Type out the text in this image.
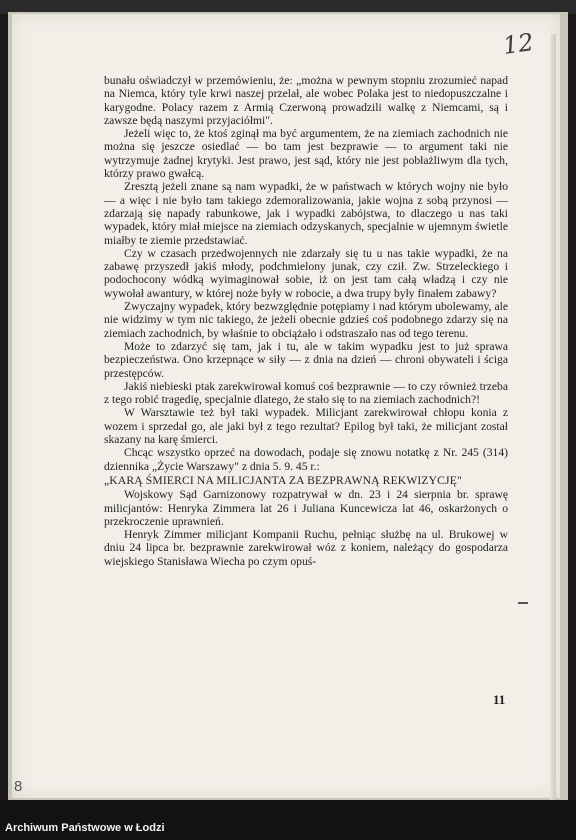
12

bunału oświadczył w przemówieniu, że: „można w pewnym stopniu zrozumieć napad na Niemca, który tyle krwi naszej przelał, ale wobec Polaka jest to niedopuszczalne i karygodne. Polacy razem z Armią Czerwoną prowadzili walkę z Niemcami, są i zawsze będą naszymi przyjaciółmi".

Jeżeli więc to, że ktoś zginął ma być argumentem, że na ziemiach zachodnich nie można się jeszcze osiedlać — bo tam jest bezprawie — to argument taki nie wytrzymuje żadnej krytyki. Jest prawo, jest sąd, który nie jest pobłażliwym dla tych, którzy prawo gwałcą.

Zresztą jeżeli znane są nam wypadki, że w państwach w których wojny nie było — a więc i nie było tam takiego zdemoralizowania, jakie wojna z sobą przynosi — zdarzają się napady rabunkowe, jak i wypadki zabójstwa, to dlaczego u nas taki wypadek, który miał miejsce na ziemiach odzyskanych, specjalnie w ujemnym świetle miałby te ziemie przedstawiać.

Czy w czasach przedwojennych nie zdarzały się tu u nas takie wypadki, że na zabawę przyszedł jakiś młody, podchmielony junak, czy cził. Zw. Strzeleckiego i podochocony wódką wyimaginował sobie, iż on jest tam całą władzą i czy nie wywołał awantury, w której noże były w robocie, a dwa trupy były finałem zabawy?

Zwyczajny wypadek, który bezwzględnie potępiamy i nad którym ubolewamy, ale nie widzimy w tym nic takiego, że jeżeli obecnie gdzieś coś podobnego zdarzy się na ziemiach zachodnich, by właśnie to obciążało i odstraszało nas od tego terenu.

Może to zdarzyć się tam, jak i tu, ale w takim wypadku jest to już sprawa bezpieczeństwa. Ono krzepnące w siły — z dnia na dzień — chroni obywateli i ściga przestępców.

Jakiś niebieski ptak zarekwirował komuś coś bezprawnie — to czy również trzeba z tego robić tragedię, specjalnie dlatego, że stało się to na ziemiach zachodnich?!

W Warsztawie też był taki wypadek. Milicjant zarekwirował chłopu konia z wozem i sprzedał go, ale jaki był z tego rezultat? Epilog był taki, że milicjant został skazany na karę śmierci.

Chcąc wszystko oprzeć na dowodach, podaje się znowu notatkę z Nr. 245 (314) dziennika „Życie Warszawy" z dnia 5. 9. 45 r.:

„KARĄ ŚMIERCI NA MILICJANTA ZA BEZPRAWNĄ REKWIZYCJĘ"

Wojskowy Sąd Garnizonowy rozpatrywał w dn. 23 i 24 sierpnia br. sprawę milicjantów: Henryka Zimmera lat 26 i Juliana Kuncewicza lat 46, oskarżonych o przekroczenie uprawnień.

Henryk Zimmer milicjant Kompanii Ruchu, pełniąc służbę na ul. Brukowej w dniu 24 lipca br. bezprawnie zarekwirował wóz z koniem, należący do gospodarza wiejskiego Stanisława Wiecha po czym opuś-

11
8
Archiwum Państwowe w Łodzi
